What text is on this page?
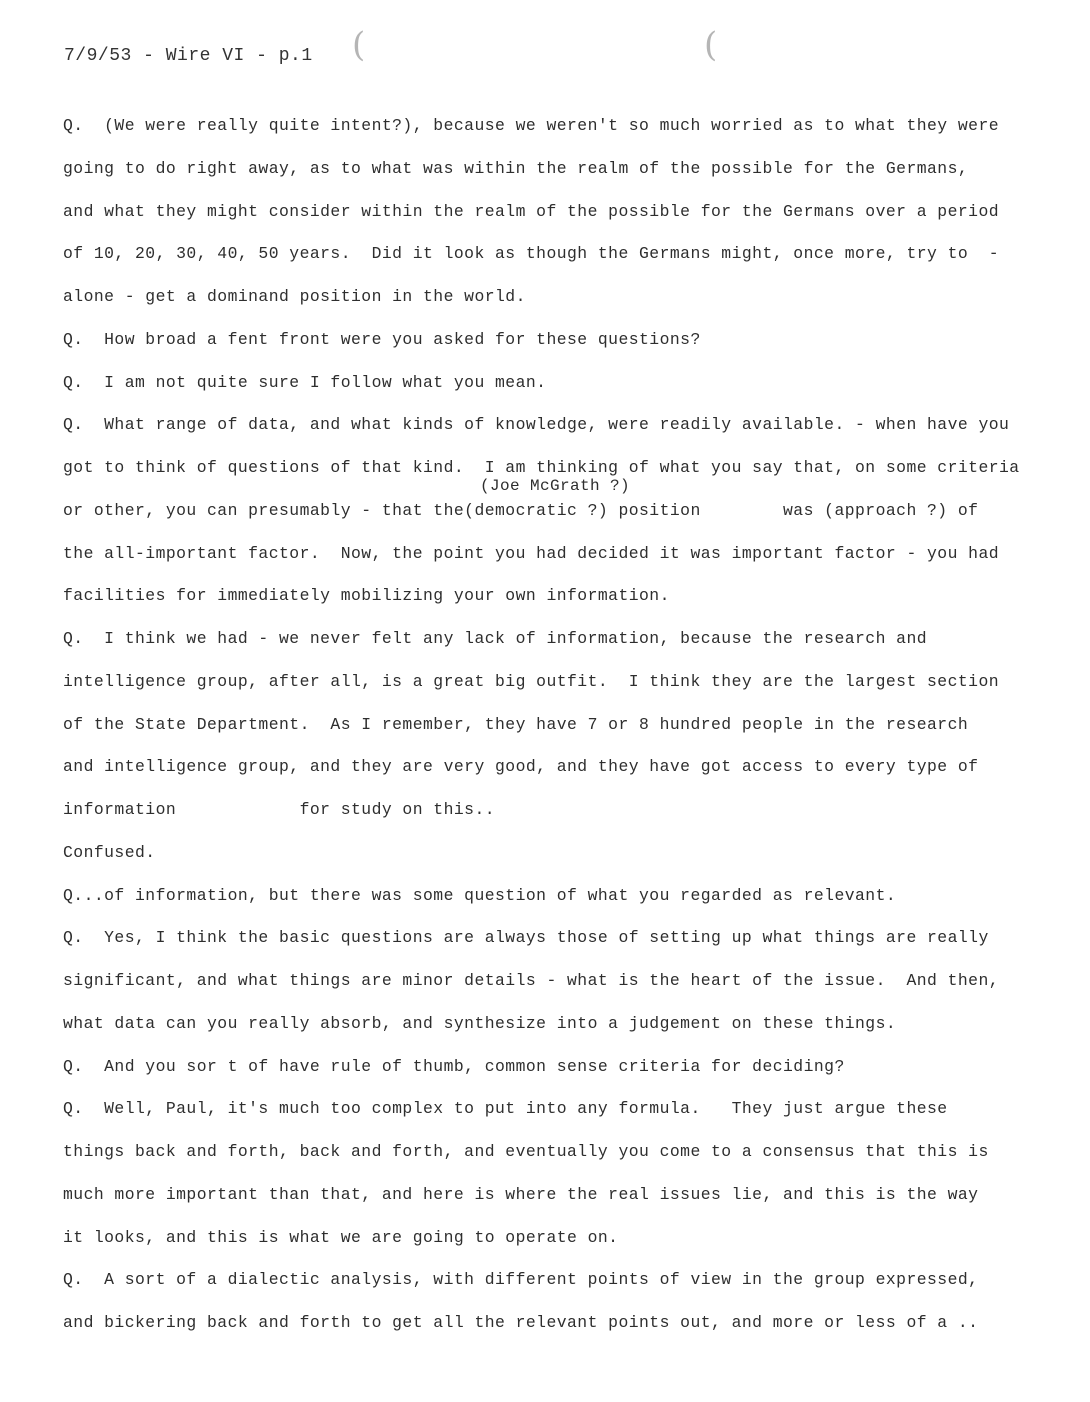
7/9/53 - Wire VI - p.1 (	(
(Joe McGrath ?)
Q.  (We were really quite intent?), because we weren't so much worried as to what they were
going to do right away, as to what was within the realm of the possible for the Germans,
and what they might consider within the realm of the possible for the Germans over a period
of 10, 20, 30, 40, 50 years.  Did it look as though the Germans might, once more, try to  -
alone - get a dominand position in the world.
Q.  How broad a fent front were you asked for these questions?
Q.  I am not quite sure I follow what you mean.
Q.  What range of data, and what kinds of knowledge, were readily available. - when have you
got to think of questions of that kind.  I am thinking of what you say that, on some criteria
or other, you can presumably - that the(democratic ?) position        was (approach ?) of
the all-important factor.  Now, the point you had decided it was important factor - you had
facilities for immediately mobilizing your own information.
Q.  I think we had - we never felt any lack of information, because the research and
intelligence group, after all, is a great big outfit.  I think they are the largest section
of the State Department.  As I remember, they have 7 or 8 hundred people in the research
and intelligence group, and they are very good, and they have got access to every type of
information            for study on this..
Confused.
Q...of information, but there was some question of what you regarded as relevant.
Q.  Yes, I think the basic questions are always those of setting up what things are really
significant, and what things are minor details - what is the heart of the issue.  And then,
what data can you really absorb, and synthesize into a judgement on these things.
Q.  And you sor t of have rule of thumb, common sense criteria for deciding?
Q.  Well, Paul, it's much too complex to put into any formula.   They just argue these
things back and forth, back and forth, and eventually you come to a consensus that this is
much more important than that, and here is where the real issues lie, and this is the way
it looks, and this is what we are going to operate on.
Q.  A sort of a dialectic analysis, with different points of view in the group expressed,
and bickering back and forth to get all the relevant points out, and more or less of a ..
